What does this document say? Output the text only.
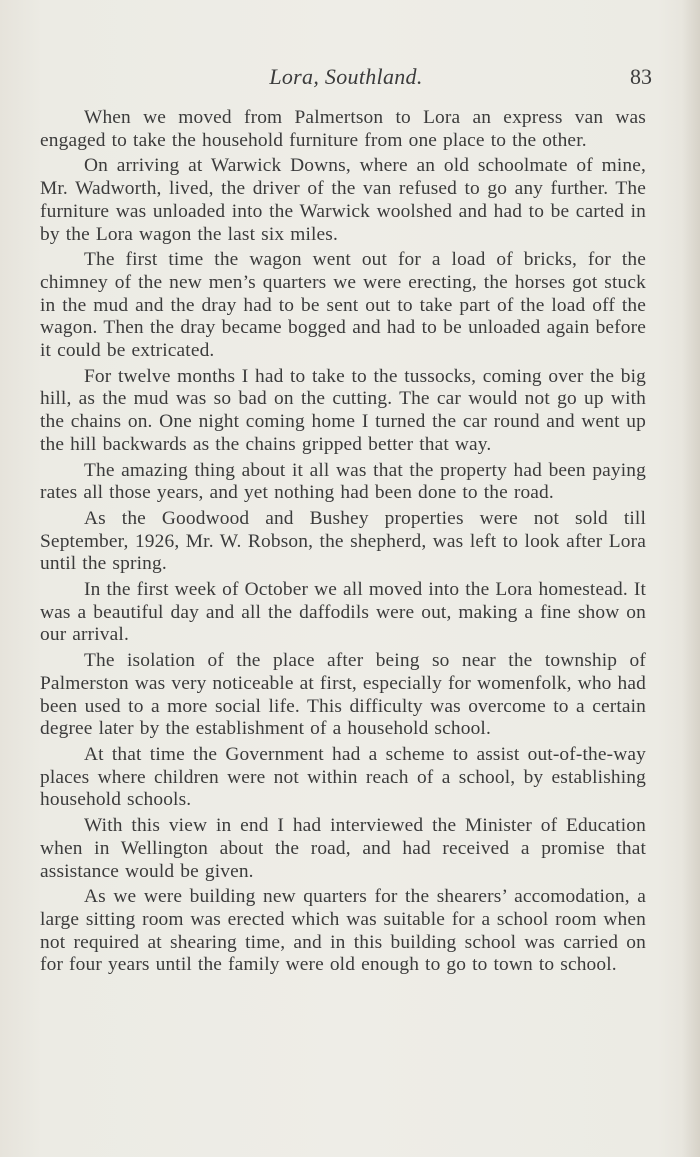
Lora, Southland.	83

When we moved from Palmertson to Lora an express van was engaged to take the household furniture from one place to the other.

On arriving at Warwick Downs, where an old schoolmate of mine, Mr. Wadworth, lived, the driver of the van refused to go any further. The furniture was unloaded into the Warwick woolshed and had to be carted in by the Lora wagon the last six miles.

The first time the wagon went out for a load of bricks, for the chimney of the new men’s quarters we were erecting, the horses got stuck in the mud and the dray had to be sent out to take part of the load off the wagon. Then the dray became bogged and had to be unloaded again before it could be extricated.

For twelve months I had to take to the tussocks, coming over the big hill, as the mud was so bad on the cutting. The car would not go up with the chains on. One night coming home I turned the car round and went up the hill backwards as the chains gripped better that way.

The amazing thing about it all was that the property had been paying rates all those years, and yet nothing had been done to the road.

As the Goodwood and Bushey properties were not sold till September, 1926, Mr. W. Robson, the shepherd, was left to look after Lora until the spring.

In the first week of October we all moved into the Lora homestead. It was a beautiful day and all the daffodils were out, making a fine show on our arrival.

The isolation of the place after being so near the township of Palmerston was very noticeable at first, especially for womenfolk, who had been used to a more social life. This difficulty was overcome to a certain degree later by the establishment of a household school.

At that time the Government had a scheme to assist out-of-the-way places where children were not within reach of a school, by establishing household schools.

With this view in end I had interviewed the Minister of Education when in Wellington about the road, and had received a promise that assistance would be given.

As we were building new quarters for the shearers’ accomodation, a large sitting room was erected which was suitable for a school room when not required at shearing time, and in this building school was carried on for four years until the family were old enough to go to town to school.
